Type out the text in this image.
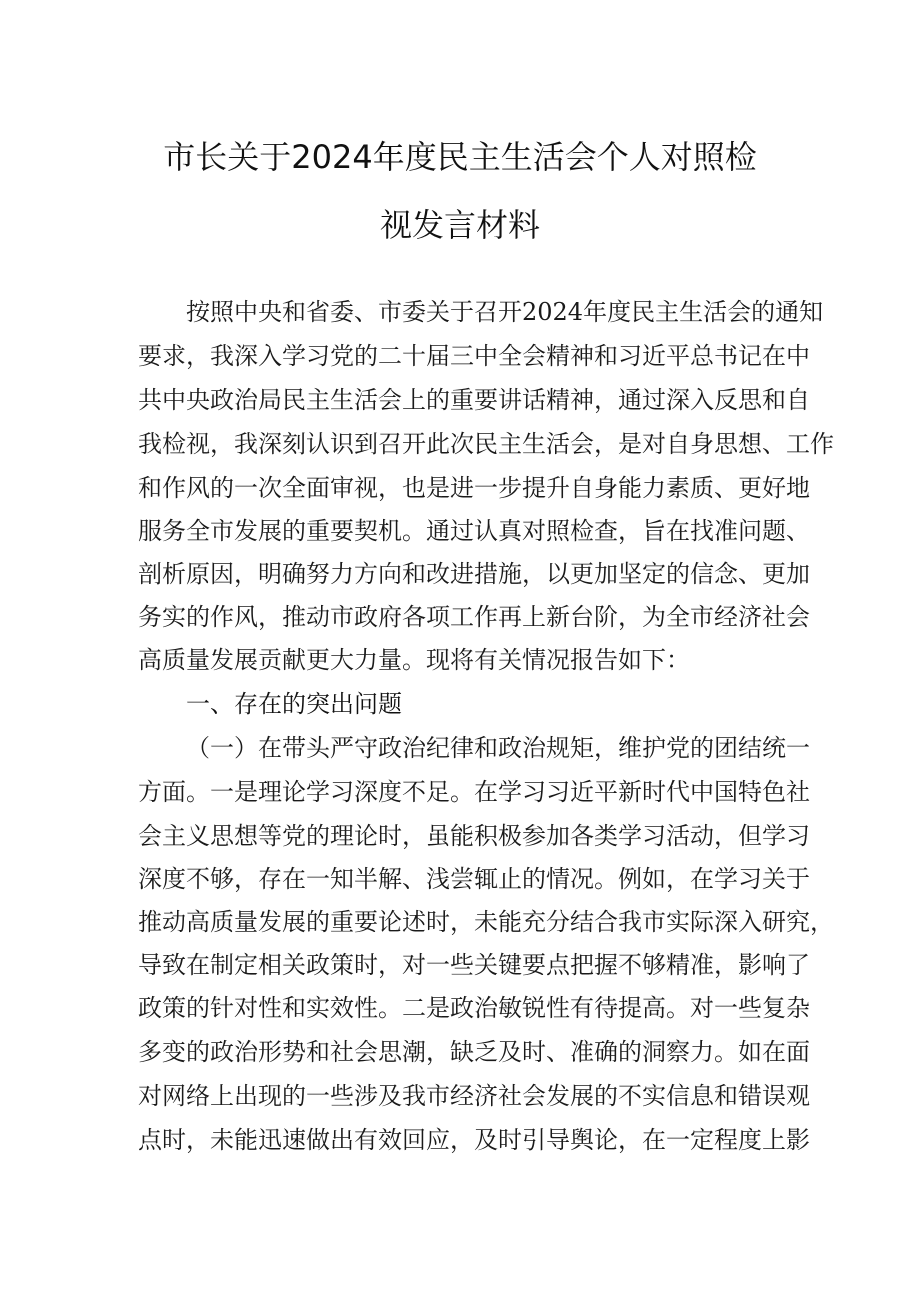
市长关于2024年度民主生活会个人对照检
视发言材料
按照中央和省委、市委关于召开2024年度民主生活会的通知
要求，我深入学习党的二十届三中全会精神和习近平总书记在中
共中央政治局民主生活会上的重要讲话精神，通过深入反思和自
我检视，我深刻认识到召开此次民主生活会，是对自身思想、工作
和作风的一次全面审视，也是进一步提升自身能力素质、更好地
服务全市发展的重要契机。通过认真对照检查，旨在找准问题、
剖析原因，明确努力方向和改进措施，以更加坚定的信念、更加
务实的作风，推动市政府各项工作再上新台阶，为全市经济社会
高质量发展贡献更大力量。现将有关情况报告如下：
一、存在的突出问题
（一）在带头严守政治纪律和政治规矩，维护党的团结统一
方面。一是理论学习深度不足。在学习习近平新时代中国特色社
会主义思想等党的理论时，虽能积极参加各类学习活动，但学习
深度不够，存在一知半解、浅尝辄止的情况。例如，在学习关于
推动高质量发展的重要论述时，未能充分结合我市实际深入研究，
导致在制定相关政策时，对一些关键要点把握不够精准，影响了
政策的针对性和实效性。二是政治敏锐性有待提高。对一些复杂
多变的政治形势和社会思潮，缺乏及时、准确的洞察力。如在面
对网络上出现的一些涉及我市经济社会发展的不实信息和错误观
点时，未能迅速做出有效回应，及时引导舆论，在一定程度上影
